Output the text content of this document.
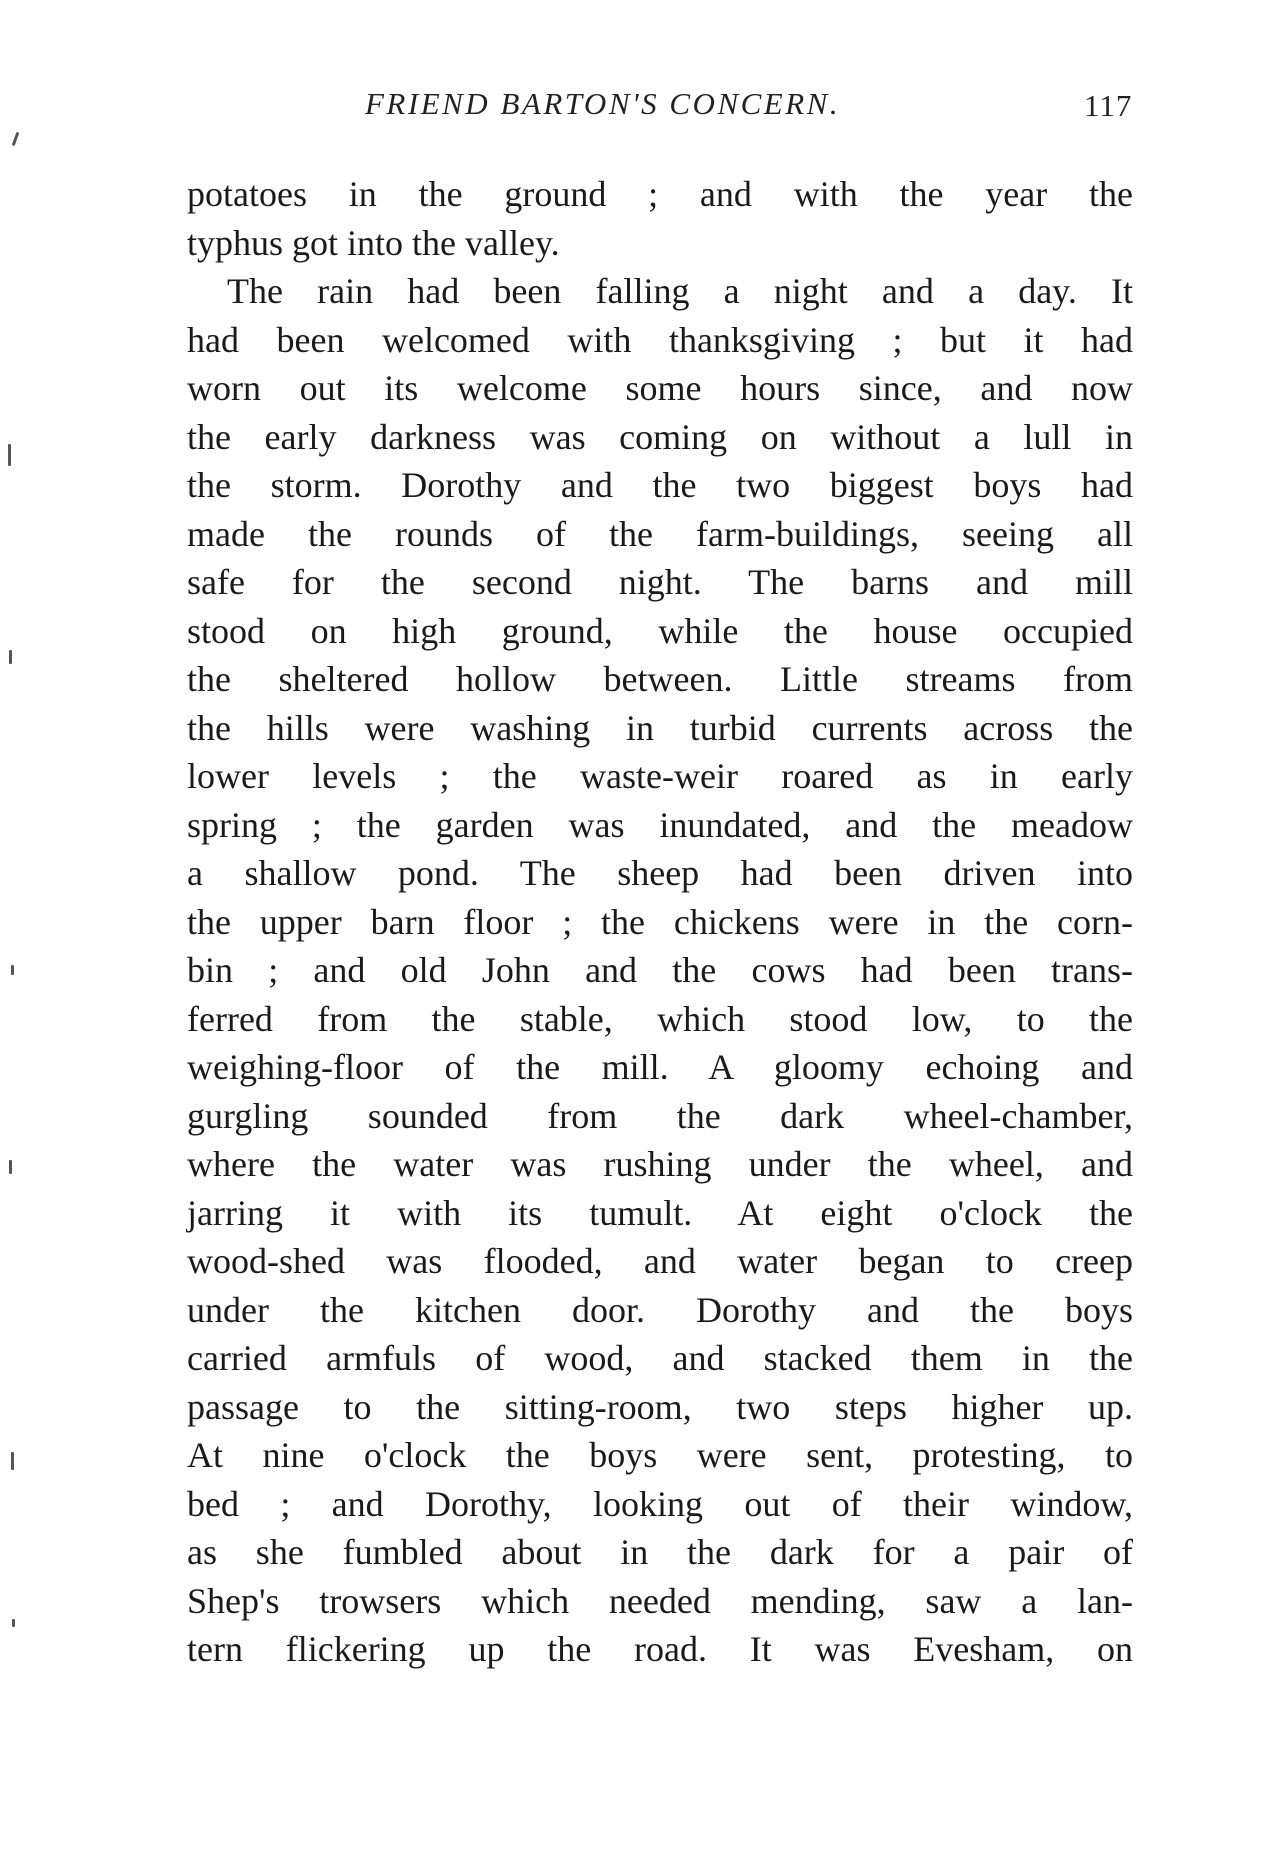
FRIEND BARTON'S CONCERN.	117
potatoes in the ground ; and with the year the
typhus got into the valley.
The rain had been falling a night and a day. It
had been welcomed with thanksgiving ; but it had
worn out its welcome some hours since, and now
the early darkness was coming on without a lull in
the storm. Dorothy and the two biggest boys had
made the rounds of the farm-buildings, seeing all
safe for the second night. The barns and mill
stood on high ground, while the house occupied
the sheltered hollow between. Little streams from
the hills were washing in turbid currents across the
lower levels ; the waste-weir roared as in early
spring ; the garden was inundated, and the meadow
a shallow pond. The sheep had been driven into
the upper barn floor ; the chickens were in the corn-
bin ; and old John and the cows had been trans-
ferred from the stable, which stood low, to the
weighing-floor of the mill. A gloomy echoing and
gurgling sounded from the dark wheel-chamber,
where the water was rushing under the wheel, and
jarring it with its tumult. At eight o'clock the
wood-shed was flooded, and water began to creep
under the kitchen door. Dorothy and the boys
carried armfuls of wood, and stacked them in the
passage to the sitting-room, two steps higher up.
At nine o'clock the boys were sent, protesting, to
bed ; and Dorothy, looking out of their window,
as she fumbled about in the dark for a pair of
Shep's trowsers which needed mending, saw a lan-
tern flickering up the road. It was Evesham, on
